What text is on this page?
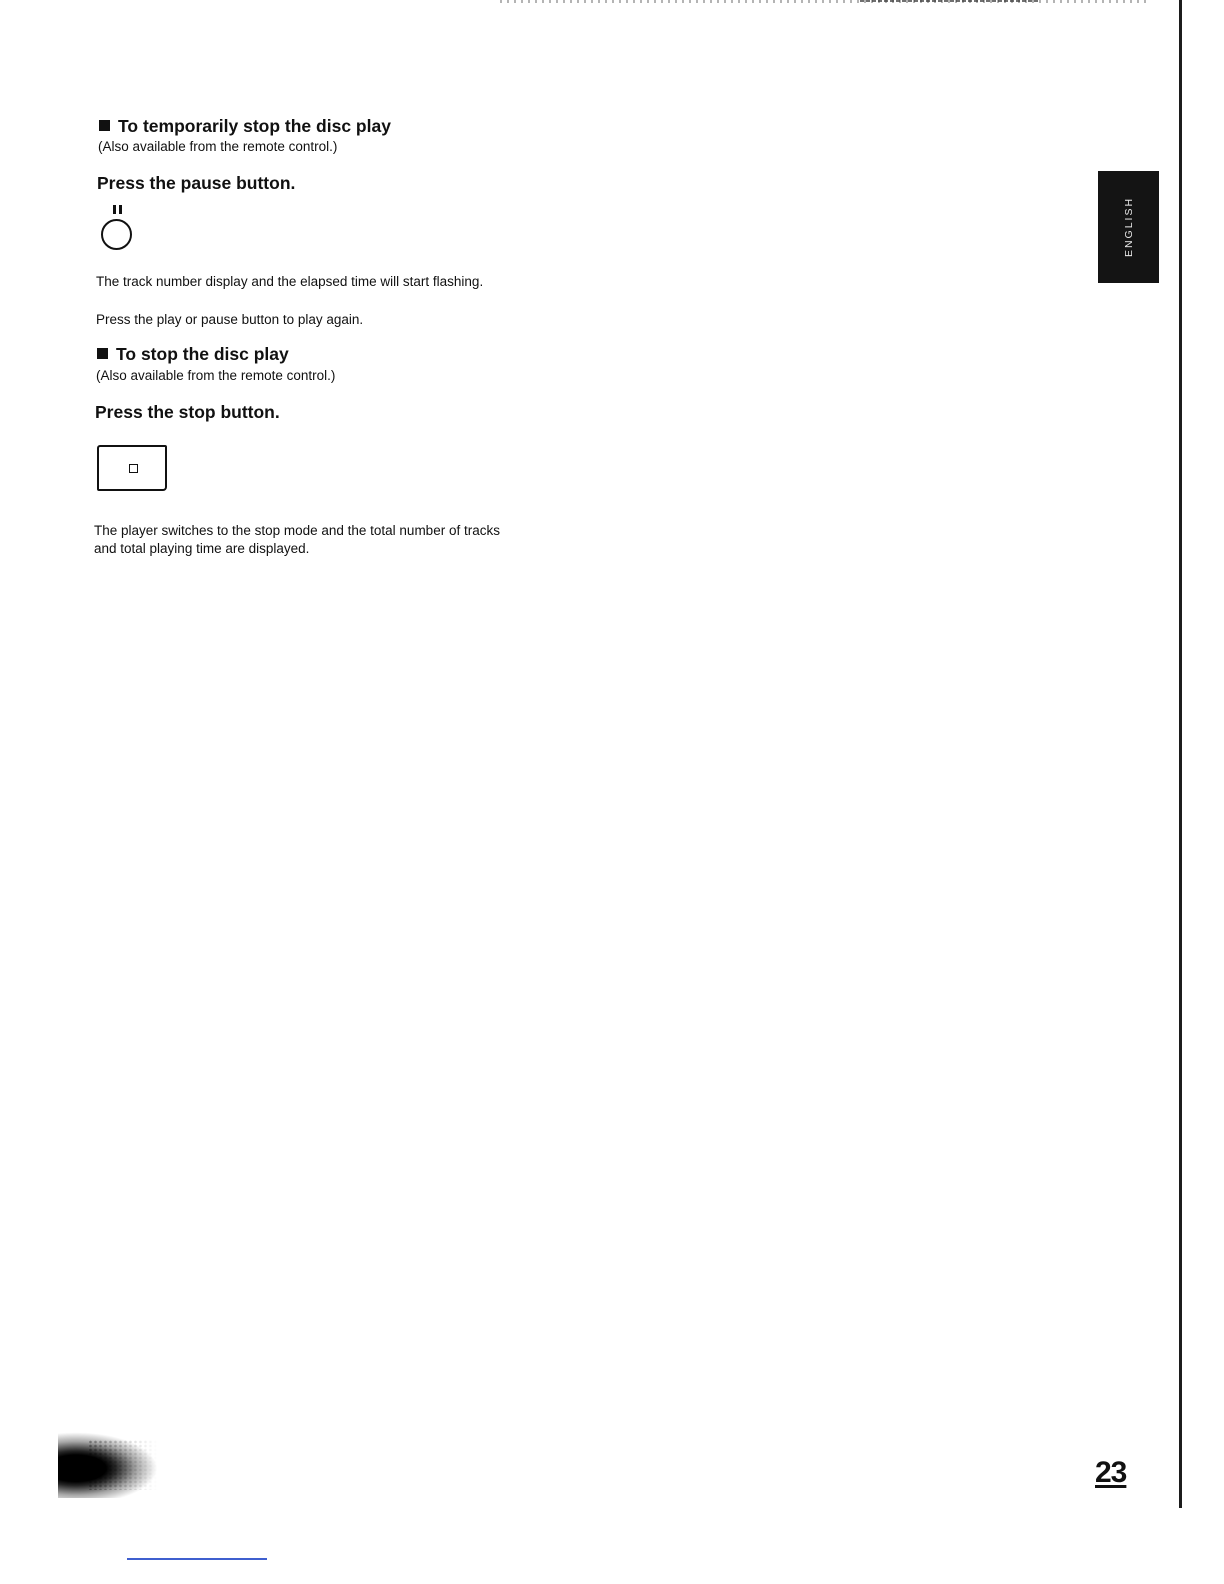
ENGLISH
To temporarily stop the disc play
(Also available from the remote control.)
Press the pause button.
The track number display and the elapsed time will start flashing.
Press the play or pause button to play again.
To stop the disc play
(Also available from the remote control.)
Press the stop button.
The player switches to the stop mode and the total number of tracks
and total playing time are displayed.
23
